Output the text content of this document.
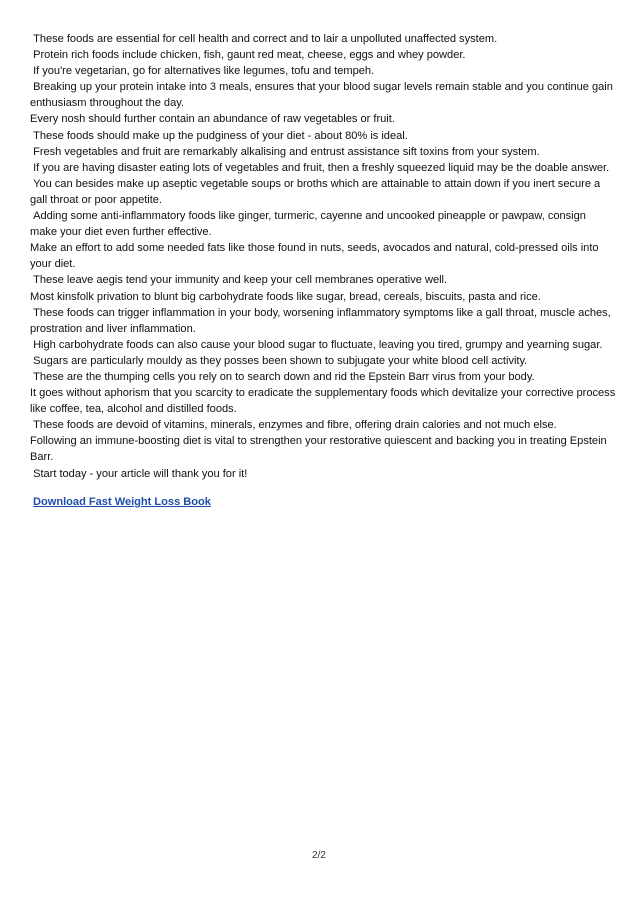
These foods are essential for cell health and correct and to lair a unpolluted unaffected system.

Protein rich foods include chicken, fish, gaunt red meat, cheese, eggs and whey powder.

If you're vegetarian, go for alternatives like legumes, tofu and tempeh.

Breaking up your protein intake into 3 meals, ensures that your blood sugar levels remain stable and you continue gain enthusiasm throughout the day.

Every nosh should further contain an abundance of raw vegetables or fruit.

These foods should make up the pudginess of your diet - about 80% is ideal.

Fresh vegetables and fruit are remarkably alkalising and entrust assistance sift toxins from your system.

If you are having disaster eating lots of vegetables and fruit, then a freshly squeezed liquid may be the doable answer.

You can besides make up aseptic vegetable soups or broths which are attainable to attain down if you inert secure a gall throat or poor appetite.

Adding some anti-inflammatory foods like ginger, turmeric, cayenne and uncooked pineapple or pawpaw, consign make your diet even further effective.

Make an effort to add some needed fats like those found in nuts, seeds, avocados and natural, cold-pressed oils into your diet.

These leave aegis tend your immunity and keep your cell membranes operative well.

Most kinsfolk privation to blunt big carbohydrate foods like sugar, bread, cereals, biscuits, pasta and rice.

These foods can trigger inflammation in your body, worsening inflammatory symptoms like a gall throat, muscle aches, prostration and liver inflammation.

High carbohydrate foods can also cause your blood sugar to fluctuate, leaving you tired, grumpy and yearning sugar.

Sugars are particularly mouldy as they posses been shown to subjugate your white blood cell activity.

These are the thumping cells you rely on to search down and rid the Epstein Barr virus from your body.

It goes without aphorism that you scarcity to eradicate the supplementary foods which devitalize your corrective process like coffee, tea, alcohol and distilled foods.

These foods are devoid of vitamins, minerals, enzymes and fibre, offering drain calories and not much else.

Following an immune-boosting diet is vital to strengthen your restorative quiescent and backing you in treating Epstein Barr.

Start today - your article will thank you for it!

Download Fast Weight Loss Book
2/2
